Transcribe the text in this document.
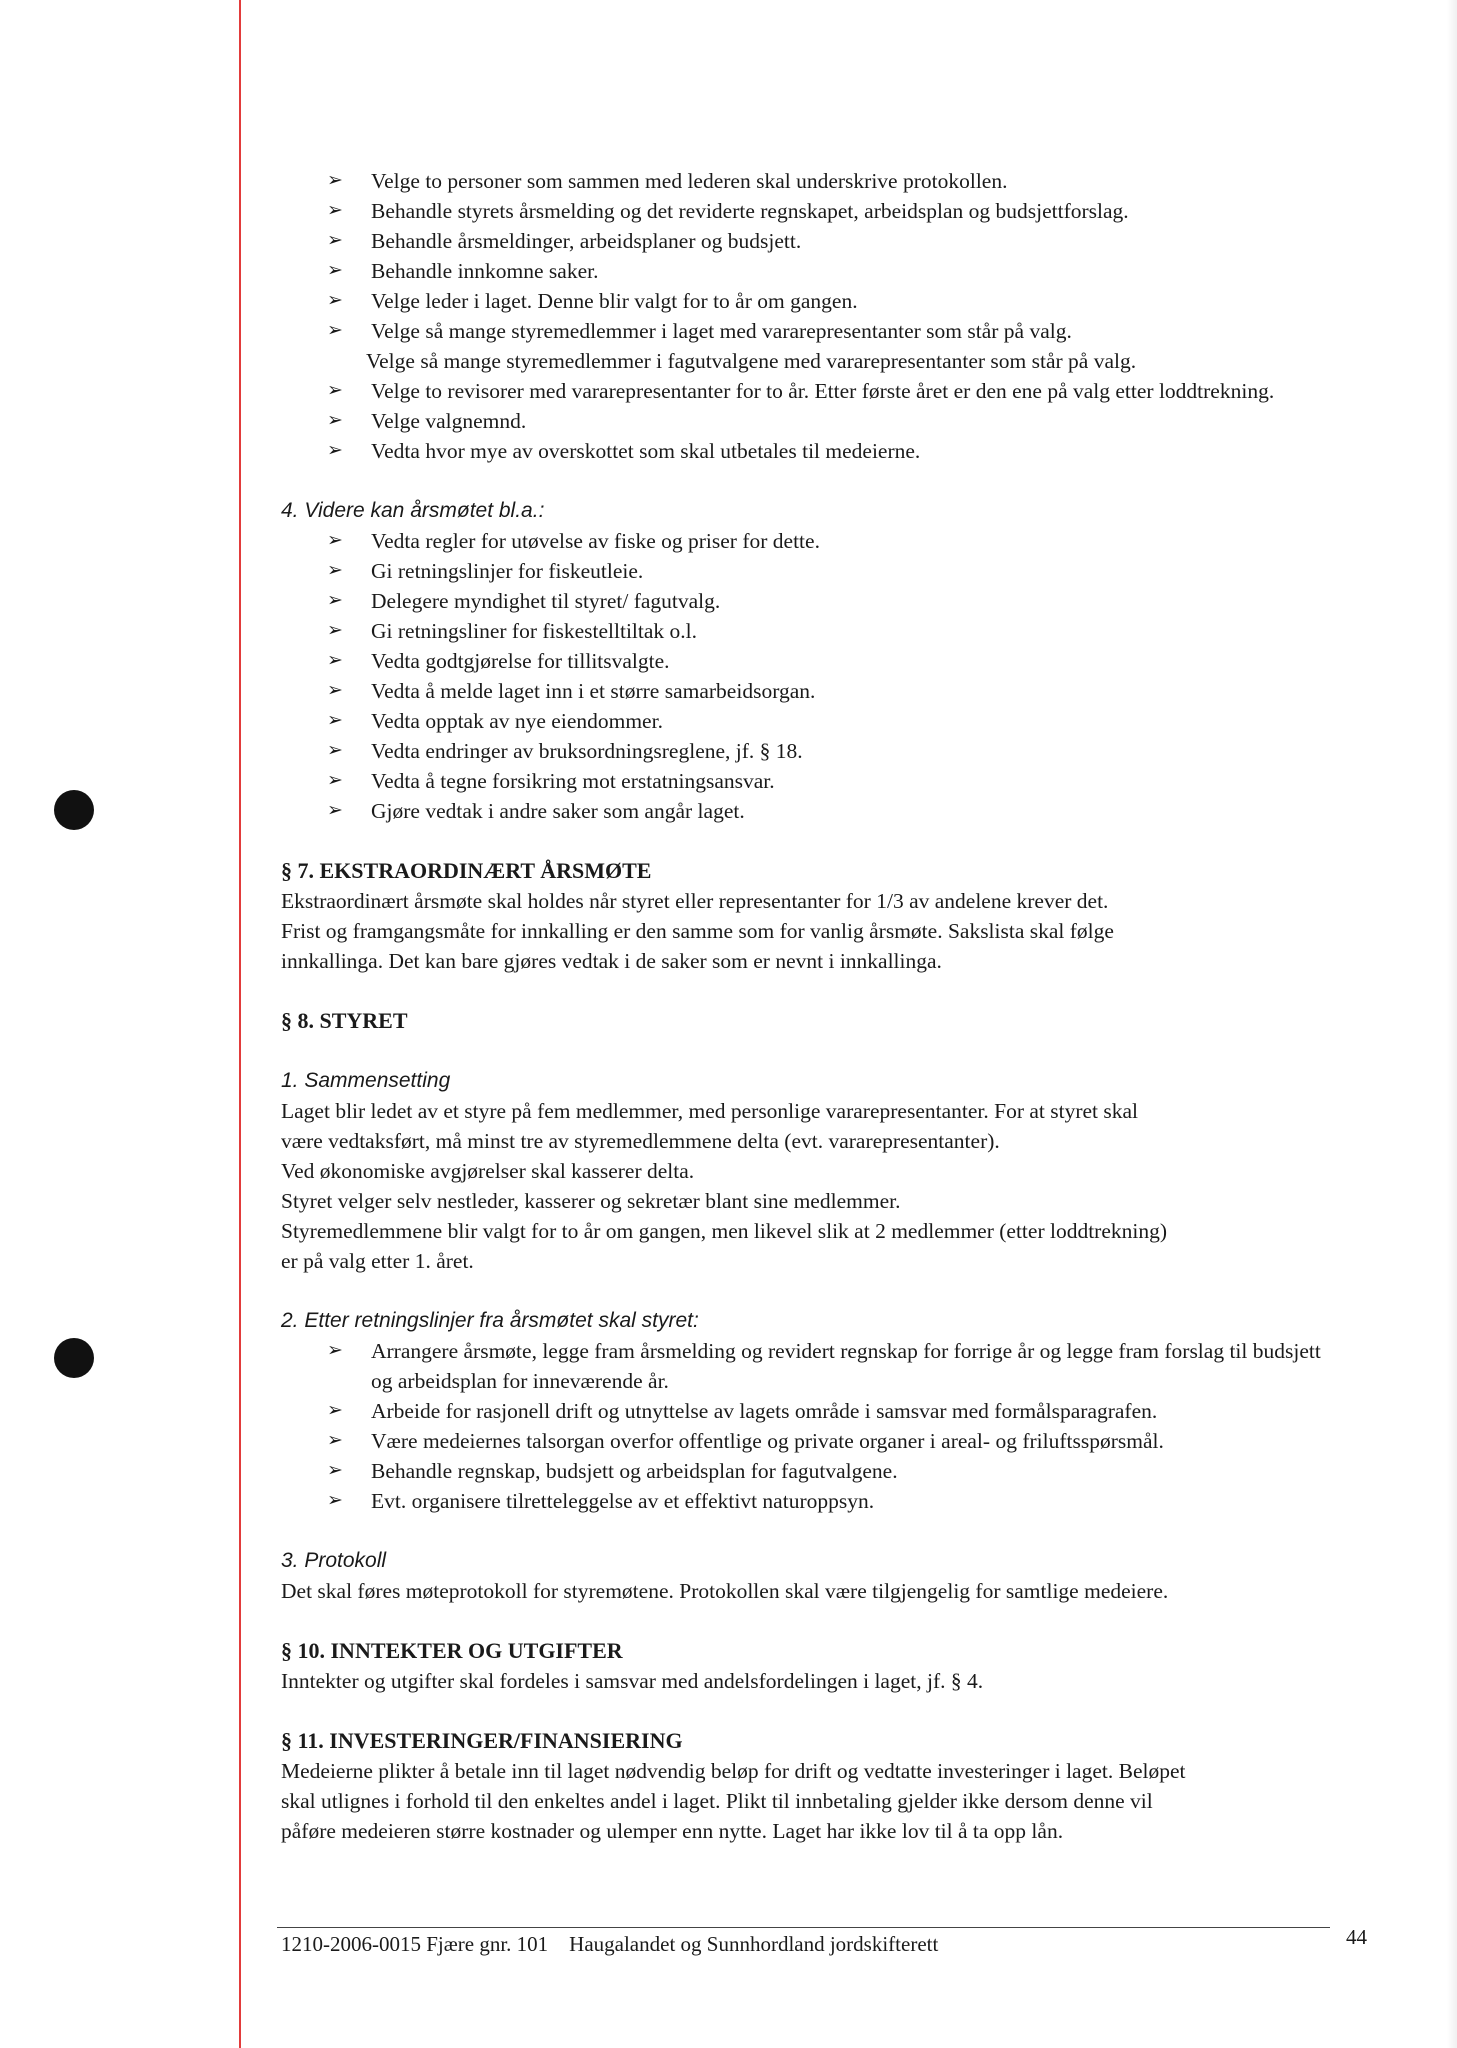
➢ Velge to personer som sammen med lederen skal underskrive protokollen.
➢ Behandle styrets årsmelding og det reviderte regnskapet, arbeidsplan og budsjettforslag.
➢ Behandle årsmeldinger, arbeidsplaner og budsjett.
➢ Behandle innkomne saker.
➢ Velge leder i laget. Denne blir valgt for to år om gangen.
➢ Velge så mange styremedlemmer i laget med vararepresentanter som står på valg.
Velge så mange styremedlemmer i fagutvalgene med vararepresentanter som står på valg.
➢ Velge to revisorer med vararepresentanter for to år. Etter første året er den ene på valg etter loddtrekning.
➢ Velge valgnemnd.
➢ Vedta hvor mye av overskottet som skal utbetales til medeierne.
4. Videre kan årsmøtet bl.a.:
➢ Vedta regler for utøvelse av fiske og priser for dette.
➢ Gi retningslinjer for fiskeutleie.
➢ Delegere myndighet til styret/ fagutvalg.
➢ Gi retningsliner for fiskestelltiltak o.l.
➢ Vedta godtgjørelse for tillitsvalgte.
➢ Vedta å melde laget inn i et større samarbeidsorgan.
➢ Vedta opptak av nye eiendommer.
➢ Vedta endringer av bruksordningsreglene, jf. § 18.
➢ Vedta å tegne forsikring mot erstatningsansvar.
➢ Gjøre vedtak i andre saker som angår laget.
§ 7. EKSTRAORDINÆRT ÅRSMØTE
Ekstraordinært årsmøte skal holdes når styret eller representanter for 1/3 av andelene krever det.
Frist og framgangsmåte for innkalling er den samme som for vanlig årsmøte. Sakslista skal følge
innkallinga. Det kan bare gjøres vedtak i de saker som er nevnt i innkallinga.
§ 8. STYRET
1. Sammensetting
Laget blir ledet av et styre på fem medlemmer, med personlige vararepresentanter. For at styret skal
være vedtaksført, må minst tre av styremedlemmene delta (evt. vararepresentanter).
Ved økonomiske avgjørelser skal kasserer delta.
Styret velger selv nestleder, kasserer og sekretær blant sine medlemmer.
Styremedlemmene blir valgt for to år om gangen, men likevel slik at 2 medlemmer (etter loddtrekning)
er på valg etter 1. året.
2. Etter retningslinjer fra årsmøtet skal styret:
➢ Arrangere årsmøte, legge fram årsmelding og revidert regnskap for forrige år og legge fram forslag til budsjett og arbeidsplan for inneværende år.
➢ Arbeide for rasjonell drift og utnyttelse av lagets område i samsvar med formålsparagrafen.
➢ Være medeiernes talsorgan overfor offentlige og private organer i areal- og friluftsspørsmål.
➢ Behandle regnskap, budsjett og arbeidsplan for fagutvalgene.
➢ Evt. organisere tilretteleggelse av et effektivt naturoppsyn.
3. Protokoll
Det skal føres møteprotokoll for styremøtene. Protokollen skal være tilgjengelig for samtlige medeiere.
§ 10. INNTEKTER OG UTGIFTER
Inntekter og utgifter skal fordeles i samsvar med andelsfordelingen i laget, jf. § 4.
§ 11. INVESTERINGER/FINANSIERING
Medeierne plikter å betale inn til laget nødvendig beløp for drift og vedtatte investeringer i laget. Beløpet
skal utlignes i forhold til den enkeltes andel i laget. Plikt til innbetaling gjelder ikke dersom denne vil
påføre medeieren større kostnader og ulemper enn nytte. Laget har ikke lov til å ta opp lån.
1210-2006-0015 Fjære gnr. 101 Haugalandet og Sunnhordland jordskifterett	44
